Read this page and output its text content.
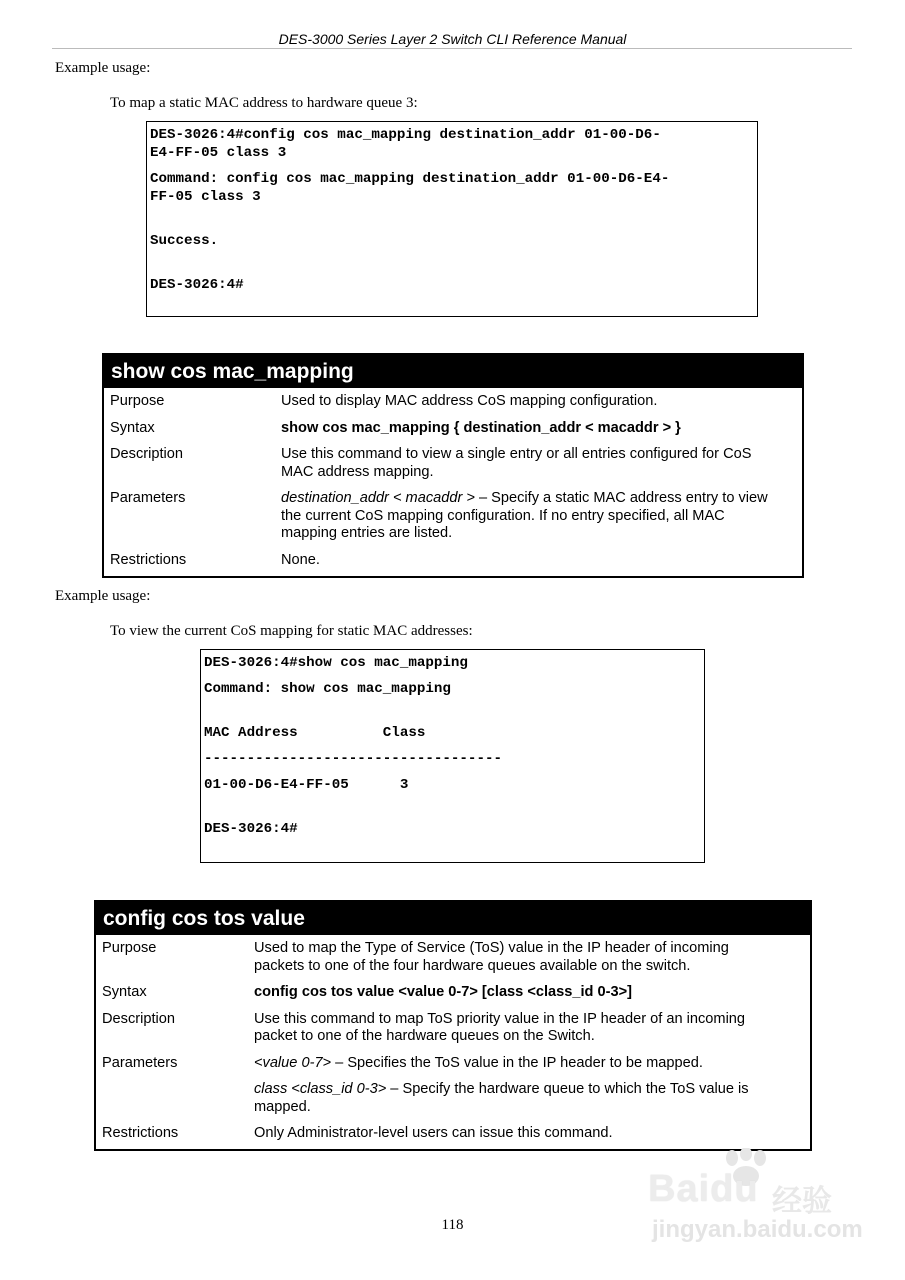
DES-3000 Series Layer 2 Switch CLI Reference Manual
Example usage:
To map a static MAC address to hardware queue 3:
DES-3026:4#config cos mac_mapping destination_addr 01-00-D6-
E4-FF-05 class 3
Command: config cos mac_mapping destination_addr 01-00-D6-E4-
FF-05 class 3
Success.
DES-3026:4#
show cos mac_mapping
Purpose	Used to display MAC address CoS mapping configuration.
Syntax	show cos mac_mapping { destination_addr < macaddr > }
Description	Use this command to view a single entry or all entries configured for CoS
MAC address mapping.
Parameters	destination_addr < macaddr > – Specify a static MAC address entry to view
the current CoS mapping configuration. If no entry specified, all MAC
mapping entries are listed.
Restrictions	None.
Example usage:
To view the current CoS mapping for static MAC addresses:
DES-3026:4#show cos mac_mapping
Command: show cos mac_mapping
MAC Address          Class
-----------------------------------
01-00-D6-E4-FF-05      3
DES-3026:4#
config cos tos value
Purpose	Used to map the Type of Service (ToS) value in the IP header of incoming
packets to one of the four hardware queues available on the switch.
Syntax	config cos tos value <value 0-7> [class <class_id 0-3>]
Description	Use this command to map ToS priority value in the IP header of an incoming
packet to one of the hardware queues on the Switch.
Parameters	<value 0-7> – Specifies the ToS value in the IP header to be mapped.
class <class_id 0-3> – Specify the hardware queue to which the ToS value is
mapped.
Restrictions	Only Administrator-level users can issue this command.
Baidu 经验
jingyan.baidu.com
118
